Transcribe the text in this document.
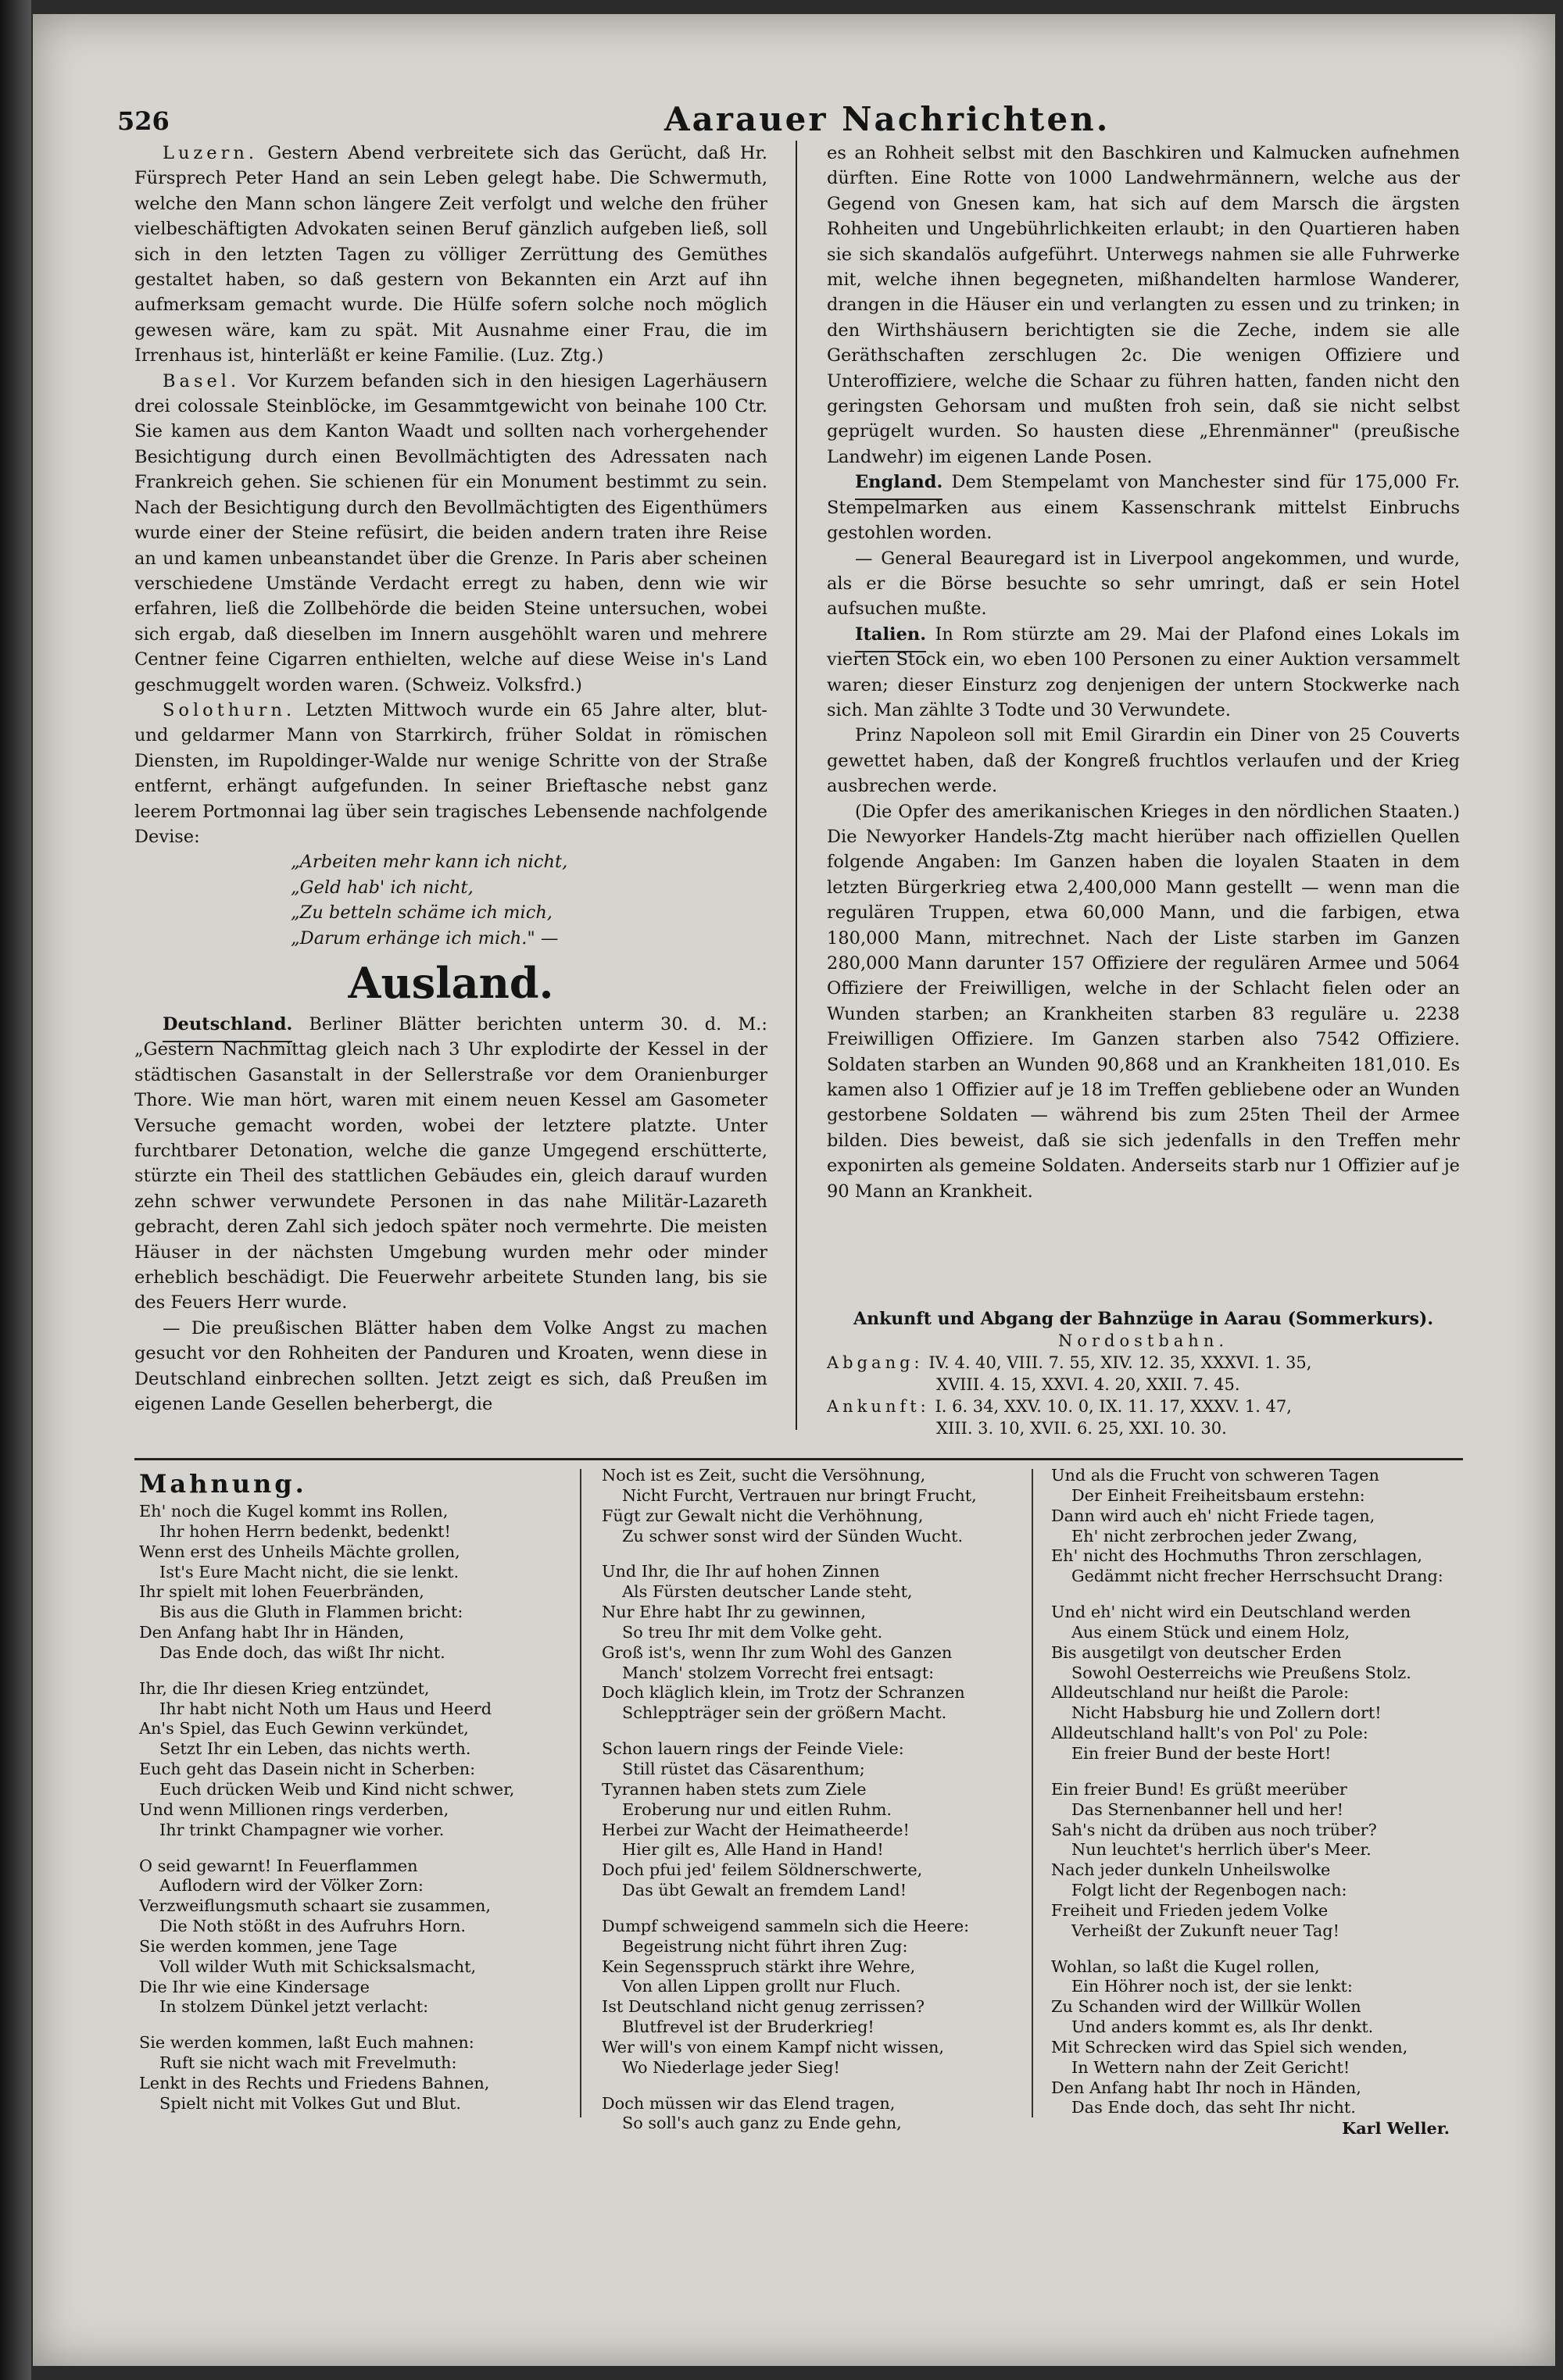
526	Aarauer Nachrichten.

Luzern. Gestern Abend verbreitete sich das Gerücht, daß Hr. Fürsprech Peter Hand an sein Leben gelegt habe. Die Schwermuth, welche den Mann schon längere Zeit verfolgt und welche den früher vielbeschäftigten Advokaten seinen Beruf gänzlich aufgeben ließ, soll sich in den letzten Tagen zu völliger Zerrüttung des Gemüthes gestaltet haben, so daß gestern von Bekannten ein Arzt auf ihn aufmerksam gemacht wurde. Die Hülfe sofern solche noch möglich gewesen wäre, kam zu spät. Mit Ausnahme einer Frau, die im Irrenhaus ist, hinterläßt er keine Familie. (Luz. Ztg.)

Basel. Vor Kurzem befanden sich in den hiesigen Lagerhäusern drei colossale Steinblöcke, im Gesammtgewicht von beinahe 100 Ctr. Sie kamen aus dem Kanton Waadt und sollten nach vorhergehender Besichtigung durch einen Bevollmächtigten des Adressaten nach Frankreich gehen. Sie schienen für ein Monument bestimmt zu sein. Nach der Besichtigung durch den Bevollmächtigten des Eigenthümers wurde einer der Steine refüsirt, die beiden andern traten ihre Reise an und kamen unbeanstandet über die Grenze. In Paris aber scheinen verschiedene Umstände Verdacht erregt zu haben, denn wie wir erfahren, ließ die Zollbehörde die beiden Steine untersuchen, wobei sich ergab, daß dieselben im Innern ausgehöhlt waren und mehrere Centner feine Cigarren enthielten, welche auf diese Weise in's Land geschmuggelt worden waren. (Schweiz. Volksfrd.)

Solothurn. Letzten Mittwoch wurde ein 65 Jahre alter, blut- und geldarmer Mann von Starrkirch, früher Soldat in römischen Diensten, im Rupoldinger-Walde nur wenige Schritte von der Straße entfernt, erhängt aufgefunden. In seiner Brieftasche nebst ganz leerem Portmonnai lag über sein tragisches Lebensende nachfolgende Devise:

„Arbeiten mehr kann ich nicht,
„Geld hab' ich nicht,
„Zu betteln schäme ich mich,
„Darum erhänge ich mich." —
Ausland.

Deutschland. Berliner Blätter berichten unterm 30. d. M.: „Gestern Nachmittag gleich nach 3 Uhr explodirte der Kessel in der städtischen Gasanstalt in der Sellerstraße vor dem Oranienburger Thore. Wie man hört, waren mit einem neuen Kessel am Gasometer Versuche gemacht worden, wobei der letztere platzte. Unter furchtbarer Detonation, welche die ganze Umgegend erschütterte, stürzte ein Theil des stattlichen Gebäudes ein, gleich darauf wurden zehn schwer verwundete Personen in das nahe Militär-Lazareth gebracht, deren Zahl sich jedoch später noch vermehrte. Die meisten Häuser in der nächsten Umgebung wurden mehr oder minder erheblich beschädigt. Die Feuerwehr arbeitete Stunden lang, bis sie des Feuers Herr wurde.

— Die preußischen Blätter haben dem Volke Angst zu machen gesucht vor den Rohheiten der Panduren und Kroaten, wenn diese in Deutschland einbrechen sollten. Jetzt zeigt es sich, daß Preußen im eigenen Lande Gesellen beherbergt, die

es an Rohheit selbst mit den Baschkiren und Kalmucken aufnehmen dürften. Eine Rotte von 1000 Landwehrmännern, welche aus der Gegend von Gnesen kam, hat sich auf dem Marsch die ärgsten Rohheiten und Ungebührlichkeiten erlaubt; in den Quartieren haben sie sich skandalös aufgeführt. Unterwegs nahmen sie alle Fuhrwerke mit, welche ihnen begegneten, mißhandelten harmlose Wanderer, drangen in die Häuser ein und verlangten zu essen und zu trinken; in den Wirthshäusern berichtigten sie die Zeche, indem sie alle Geräthschaften zerschlugen 2c. Die wenigen Offiziere und Unteroffiziere, welche die Schaar zu führen hatten, fanden nicht den geringsten Gehorsam und mußten froh sein, daß sie nicht selbst geprügelt wurden. So hausten diese „Ehrenmänner" (preußische Landwehr) im eigenen Lande Posen.

England. Dem Stempelamt von Manchester sind für 175,000 Fr. Stempelmarken aus einem Kassenschrank mittelst Einbruchs gestohlen worden.

— General Beauregard ist in Liverpool angekommen, und wurde, als er die Börse besuchte so sehr umringt, daß er sein Hotel aufsuchen mußte.

Italien. In Rom stürzte am 29. Mai der Plafond eines Lokals im vierten Stock ein, wo eben 100 Personen zu einer Auktion versammelt waren; dieser Einsturz zog denjenigen der untern Stockwerke nach sich. Man zählte 3 Todte und 30 Verwundete.

Prinz Napoleon soll mit Emil Girardin ein Diner von 25 Couverts gewettet haben, daß der Kongreß fruchtlos verlaufen und der Krieg ausbrechen werde.

(Die Opfer des amerikanischen Krieges in den nördlichen Staaten.) Die Newyorker Handels-Ztg macht hierüber nach offiziellen Quellen folgende Angaben: Im Ganzen haben die loyalen Staaten in dem letzten Bürgerkrieg etwa 2,400,000 Mann gestellt — wenn man die regulären Truppen, etwa 60,000 Mann, und die farbigen, etwa 180,000 Mann, mitrechnet. Nach der Liste starben im Ganzen 280,000 Mann darunter 157 Offiziere der regulären Armee und 5064 Offiziere der Freiwilligen, welche in der Schlacht fielen oder an Wunden starben; an Krankheiten starben 83 reguläre u. 2238 Freiwilligen Offiziere. Im Ganzen starben also 7542 Offiziere. Soldaten starben an Wunden 90,868 und an Krankheiten 181,010. Es kamen also 1 Offizier auf je 18 im Treffen gebliebene oder an Wunden gestorbene Soldaten — während bis zum 25ten Theil der Armee bilden. Dies beweist, daß sie sich jedenfalls in den Treffen mehr exponirten als gemeine Soldaten. Anderseits starb nur 1 Offizier auf je 90 Mann an Krankheit.

Ankunft und Abgang der Bahnzüge in Aarau (Sommerkurs).
Nordostbahn.
Abgang: IV. 4. 40, VIII. 7. 55, XIV. 12. 35, XXXVI. 1. 35,
XVIII. 4. 15, XXVI. 4. 20, XXII. 7. 45.
Ankunft: I. 6. 34, XXV. 10. 0, IX. 11. 17, XXXV. 1. 47,
XIII. 3. 10, XVII. 6. 25, XXI. 10. 30.
Mahnung.
Eh' noch die Kugel kommt ins Rollen,
Ihr hohen Herrn bedenkt, bedenkt!
Wenn erst des Unheils Mächte grollen,
Ist's Eure Macht nicht, die sie lenkt.
Ihr spielt mit lohen Feuerbränden,
Bis aus die Gluth in Flammen bricht:
Den Anfang habt Ihr in Händen,
Das Ende doch, das wißt Ihr nicht.
Ihr, die Ihr diesen Krieg entzündet,
Ihr habt nicht Noth um Haus und Heerd
An's Spiel, das Euch Gewinn verkündet,
Setzt Ihr ein Leben, das nichts werth.
Euch geht das Dasein nicht in Scherben:
Euch drücken Weib und Kind nicht schwer,
Und wenn Millionen rings verderben,
Ihr trinkt Champagner wie vorher.
O seid gewarnt! In Feuerflammen
Auflodern wird der Völker Zorn:
Verzweiflungsmuth schaart sie zusammen,
Die Noth stößt in des Aufruhrs Horn.
Sie werden kommen, jene Tage
Voll wilder Wuth mit Schicksalsmacht,
Die Ihr wie eine Kindersage
In stolzem Dünkel jetzt verlacht:
Sie werden kommen, laßt Euch mahnen:
Ruft sie nicht wach mit Frevelmuth:
Lenkt in des Rechts und Friedens Bahnen,
Spielt nicht mit Volkes Gut und Blut.
Noch ist es Zeit, sucht die Versöhnung,
Nicht Furcht, Vertrauen nur bringt Frucht,
Fügt zur Gewalt nicht die Verhöhnung,
Zu schwer sonst wird der Sünden Wucht.
Und Ihr, die Ihr auf hohen Zinnen
Als Fürsten deutscher Lande steht,
Nur Ehre habt Ihr zu gewinnen,
So treu Ihr mit dem Volke geht.
Groß ist's, wenn Ihr zum Wohl des Ganzen
Manch' stolzem Vorrecht frei entsagt:
Doch kläglich klein, im Trotz der Schranzen
Schleppträger sein der größern Macht.
Schon lauern rings der Feinde Viele:
Still rüstet das Cäsarenthum;
Tyrannen haben stets zum Ziele
Eroberung nur und eitlen Ruhm.
Herbei zur Wacht der Heimatheerde!
Hier gilt es, Alle Hand in Hand!
Doch pfui jed' feilem Söldnerschwerte,
Das übt Gewalt an fremdem Land!
Dumpf schweigend sammeln sich die Heere:
Begeistrung nicht führt ihren Zug:
Kein Segensspruch stärkt ihre Wehre,
Von allen Lippen grollt nur Fluch.
Ist Deutschland nicht genug zerrissen?
Blutfrevel ist der Bruderkrieg!
Wer will's von einem Kampf nicht wissen,
Wo Niederlage jeder Sieg!
Doch müssen wir das Elend tragen,
So soll's auch ganz zu Ende gehn,
Und als die Frucht von schweren Tagen
Der Einheit Freiheitsbaum erstehn:
Dann wird auch eh' nicht Friede tagen,
Eh' nicht zerbrochen jeder Zwang,
Eh' nicht des Hochmuths Thron zerschlagen,
Gedämmt nicht frecher Herrschsucht Drang:
Und eh' nicht wird ein Deutschland werden
Aus einem Stück und einem Holz,
Bis ausgetilgt von deutscher Erden
Sowohl Oesterreichs wie Preußens Stolz.
Alldeutschland nur heißt die Parole:
Nicht Habsburg hie und Zollern dort!
Alldeutschland hallt's von Pol' zu Pole:
Ein freier Bund der beste Hort!
Ein freier Bund! Es grüßt meerüber
Das Sternenbanner hell und her!
Sah's nicht da drüben aus noch trüber?
Nun leuchtet's herrlich über's Meer.
Nach jeder dunkeln Unheilswolke
Folgt licht der Regenbogen nach:
Freiheit und Frieden jedem Volke
Verheißt der Zukunft neuer Tag!
Wohlan, so laßt die Kugel rollen,
Ein Höhrer noch ist, der sie lenkt:
Zu Schanden wird der Willkür Wollen
Und anders kommt es, als Ihr denkt.
Mit Schrecken wird das Spiel sich wenden,
In Wettern nahn der Zeit Gericht!
Den Anfang habt Ihr noch in Händen,
Das Ende doch, das seht Ihr nicht.
Karl Weller.
